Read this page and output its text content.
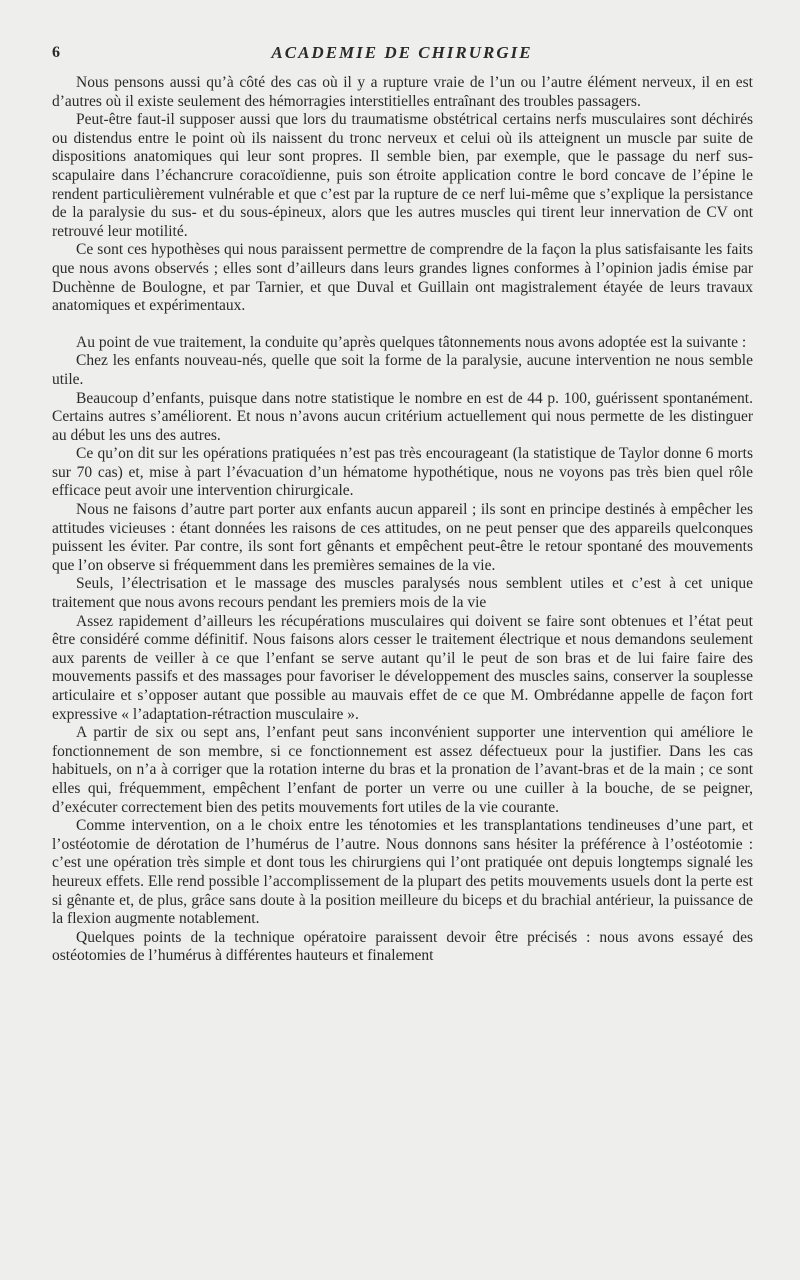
6	ACADEMIE DE CHIRURGIE

Nous pensons aussi qu’à côté des cas où il y a rupture vraie de l’un ou l’autre élément nerveux, il en est d’autres où il existe seulement des hémorragies interstitielles entraînant des troubles passagers.

Peut-être faut-il supposer aussi que lors du traumatisme obstétrical certains nerfs musculaires sont déchirés ou distendus entre le point où ils naissent du tronc nerveux et celui où ils atteignent un muscle par suite de dispositions anatomiques qui leur sont propres. Il semble bien, par exemple, que le passage du nerf sus-scapulaire dans l’échancrure coracoïdienne, puis son étroite application contre le bord concave de l’épine le rendent particulièrement vulnérable et que c’est par la rupture de ce nerf lui-même que s’explique la persistance de la paralysie du sus- et du sous-épineux, alors que les autres muscles qui tirent leur innervation de CV ont retrouvé leur motilité.

Ce sont ces hypothèses qui nous paraissent permettre de comprendre de la façon la plus satisfaisante les faits que nous avons observés ; elles sont d’ailleurs dans leurs grandes lignes conformes à l’opinion jadis émise par Duchènne de Boulogne, et par Tarnier, et que Duval et Guillain ont magistralement étayée de leurs travaux anatomiques et expérimentaux.

Au point de vue traitement, la conduite qu’après quelques tâtonnements nous avons adoptée est la suivante :

Chez les enfants nouveau-nés, quelle que soit la forme de la paralysie, aucune intervention ne nous semble utile.

Beaucoup d’enfants, puisque dans notre statistique le nombre en est de 44 p. 100, guérissent spontanément. Certains autres s’améliorent. Et nous n’avons aucun critérium actuellement qui nous permette de les distinguer au début les uns des autres.

Ce qu’on dit sur les opérations pratiquées n’est pas très encourageant (la statistique de Taylor donne 6 morts sur 70 cas) et, mise à part l’évacuation d’un hématome hypothétique, nous ne voyons pas très bien quel rôle efficace peut avoir une intervention chirurgicale.

Nous ne faisons d’autre part porter aux enfants aucun appareil ; ils sont en principe destinés à empêcher les attitudes vicieuses : étant données les raisons de ces attitudes, on ne peut penser que des appareils quelconques puissent les éviter. Par contre, ils sont fort gênants et empêchent peut-être le retour spontané des mouvements que l’on observe si fréquemment dans les premières semaines de la vie.

Seuls, l’électrisation et le massage des muscles paralysés nous semblent utiles et c’est à cet unique traitement que nous avons recours pendant les premiers mois de la vie

Assez rapidement d’ailleurs les récupérations musculaires qui doivent se faire sont obtenues et l’état peut être considéré comme définitif. Nous faisons alors cesser le traitement électrique et nous demandons seulement aux parents de veiller à ce que l’enfant se serve autant qu’il le peut de son bras et de lui faire faire des mouvements passifs et des massages pour favoriser le développement des muscles sains, conserver la souplesse articulaire et s’opposer autant que possible au mauvais effet de ce que M. Ombrédanne appelle de façon fort expressive « l’adaptation-rétraction musculaire ».

A partir de six ou sept ans, l’enfant peut sans inconvénient supporter une intervention qui améliore le fonctionnement de son membre, si ce fonctionnement est assez défectueux pour la justifier. Dans les cas habituels, on n’a à corriger que la rotation interne du bras et la pronation de l’avant-bras et de la main ; ce sont elles qui, fréquemment, empêchent l’enfant de porter un verre ou une cuiller à la bouche, de se peigner, d’exécuter correctement bien des petits mouvements fort utiles de la vie courante.

Comme intervention, on a le choix entre les ténotomies et les transplantations tendineuses d’une part, et l’ostéotomie de dérotation de l’humérus de l’autre. Nous donnons sans hésiter la préférence à l’ostéotomie : c’est une opération très simple et dont tous les chirurgiens qui l’ont pratiquée ont depuis longtemps signalé les heureux effets. Elle rend possible l’accomplissement de la plupart des petits mouvements usuels dont la perte est si gênante et, de plus, grâce sans doute à la position meilleure du biceps et du brachial antérieur, la puissance de la flexion augmente notablement.

Quelques points de la technique opératoire paraissent devoir être précisés : nous avons essayé des ostéotomies de l’humérus à différentes hauteurs et finalement
